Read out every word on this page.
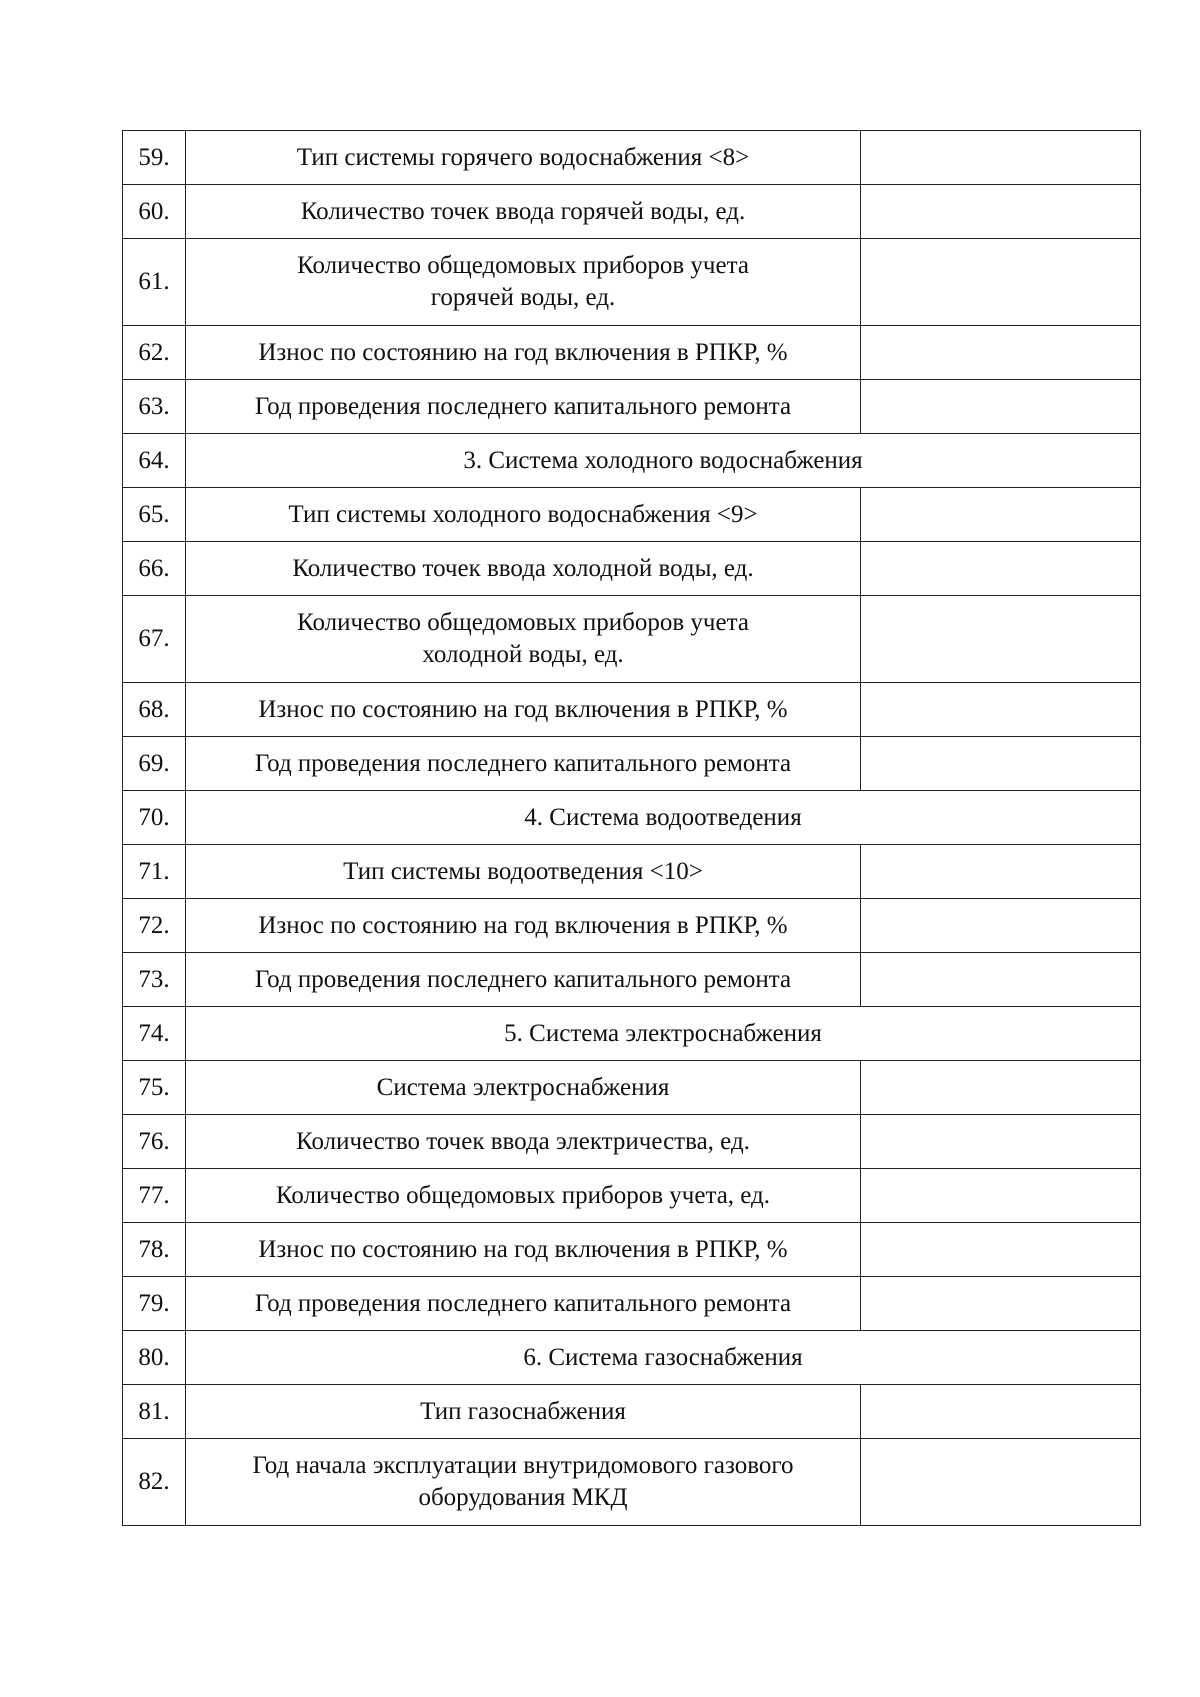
59.	Тип системы горячего водоснабжения <8>	
60.	Количество точек ввода горячей воды, ед.	
61.	Количество общедомовых приборов учета
горячей воды, ед.	
62.	Износ по состоянию на год включения в РПКР, %	
63.	Год проведения последнего капитального ремонта	
64.	3. Система холодного водоснабжения	
65.	Тип системы холодного водоснабжения <9>	
66.	Количество точек ввода холодной воды, ед.	
67.	Количество общедомовых приборов учета
холодной воды, ед.	
68.	Износ по состоянию на год включения в РПКР, %	
69.	Год проведения последнего капитального ремонта	
70.	4. Система водоотведения	
71.	Тип системы водоотведения <10>	
72.	Износ по состоянию на год включения в РПКР, %	
73.	Год проведения последнего капитального ремонта	
74.	5. Система электроснабжения	
75.	Система электроснабжения	
76.	Количество точек ввода электричества, ед.	
77.	Количество общедомовых приборов учета, ед.	
78.	Износ по состоянию на год включения в РПКР, %	
79.	Год проведения последнего капитального ремонта	
80.	6. Система газоснабжения	
81.	Тип газоснабжения	
82.	Год начала эксплуатации внутридомового газового
оборудования МКД	
